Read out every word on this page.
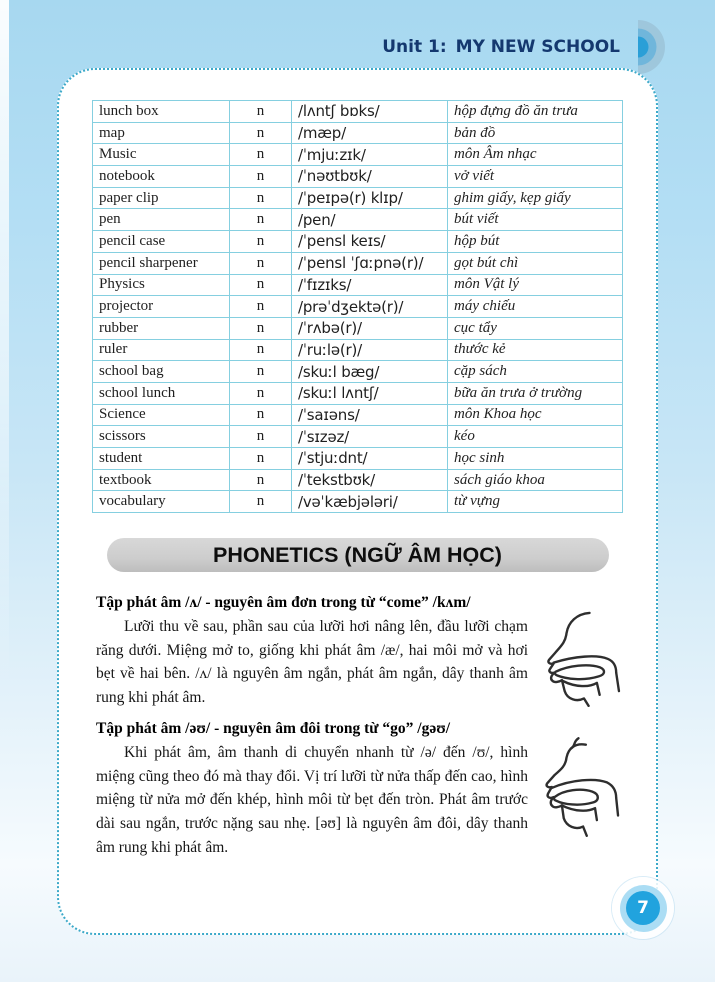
Unit 1: MY NEW SCHOOL
lunch box	n	/lʌntʃ bɒks/	hộp đựng đồ ăn trưa
map	n	/mæp/	bản đồ
Music	n	/ˈmjuːzɪk/	môn Âm nhạc
notebook	n	/ˈnəʊtbʊk/	vở viết
paper clip	n	/ˈpeɪpə(r) klɪp/	ghim giấy, kẹp giấy
pen	n	/pen/	bút viết
pencil case	n	/ˈpensl keɪs/	hộp bút
pencil sharpener	n	/ˈpensl ˈʃɑːpnə(r)/	gọt bút chì
Physics	n	/ˈfɪzɪks/	môn Vật lý
projector	n	/prəˈdʒektə(r)/	máy chiếu
rubber	n	/ˈrʌbə(r)/	cục tẩy
ruler	n	/ˈruːlə(r)/	thước kẻ
school bag	n	/skuːl bæg/	cặp sách
school lunch	n	/skuːl lʌntʃ/	bữa ăn trưa ở trường
Science	n	/ˈsaɪəns/	môn Khoa học
scissors	n	/ˈsɪzəz/	kéo
student	n	/ˈstjuːdnt/	học sinh
textbook	n	/ˈtekstbʊk/	sách giáo khoa
vocabulary	n	/vəˈkæbjələri/	từ vựng
PHONETICS (NGỮ ÂM HỌC)
Tập phát âm /ʌ/ - nguyên âm đơn trong từ “come” /kʌm/

Lưỡi thu về sau, phần sau của lưỡi hơi nâng lên, đầu lưỡi chạm răng dưới. Miệng mở to, giống khi phát âm /æ/, hai môi mở và hơi bẹt về hai bên. /ʌ/ là nguyên âm ngắn, phát âm ngắn, dây thanh âm rung khi phát âm.

Tập phát âm /əʊ/ - nguyên âm đôi trong từ “go” /gəʊ/

Khi phát âm, âm thanh di chuyển nhanh từ /ə/ đến /ʊ/, hình miệng cũng theo đó mà thay đổi. Vị trí lưỡi từ nửa thấp đến cao, hình miệng từ nửa mở đến khép, hình môi từ bẹt đến tròn. Phát âm trước dài sau ngắn, trước nặng sau nhẹ. [əʊ] là nguyên âm đôi, dây thanh âm rung khi phát âm.

7
